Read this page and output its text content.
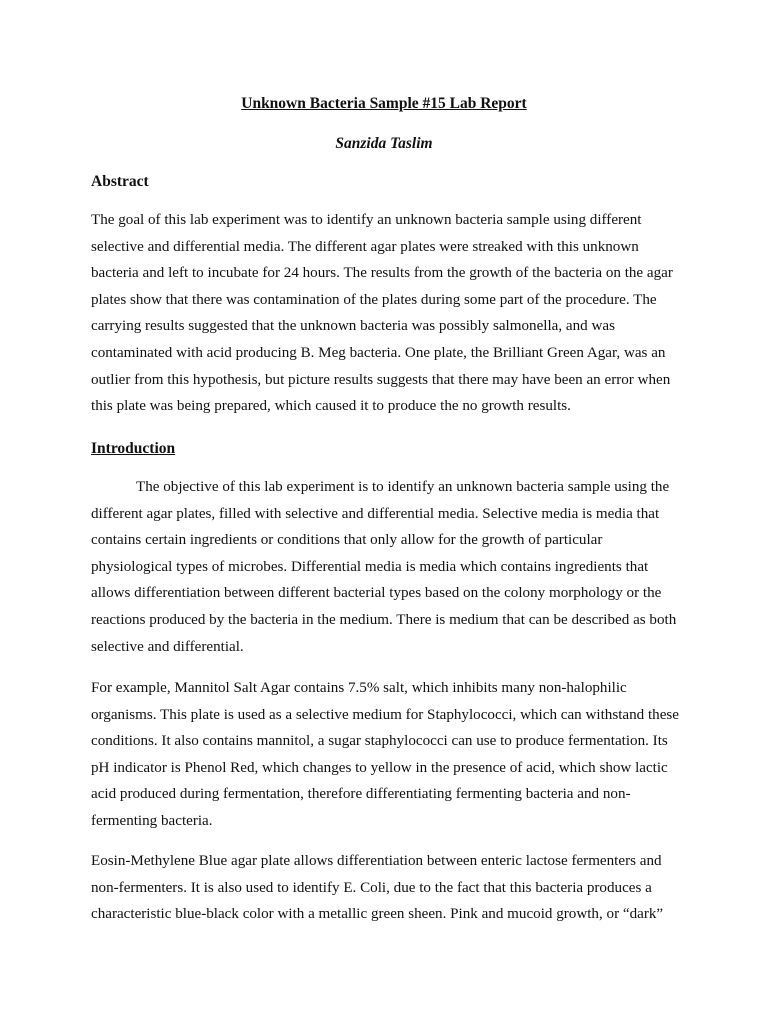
Unknown Bacteria Sample #15 Lab Report
Sanzida Taslim
Abstract

The goal of this lab experiment was to identify an unknown bacteria sample using different selective and differential media. The different agar plates were streaked with this unknown bacteria and left to incubate for 24 hours. The results from the growth of the bacteria on the agar plates show that there was contamination of the plates during some part of the procedure. The carrying results suggested that the unknown bacteria was possibly salmonella, and was contaminated with acid producing B. Meg bacteria. One plate, the Brilliant Green Agar, was an outlier from this hypothesis, but picture results suggests that there may have been an error when this plate was being prepared, which caused it to produce the no growth results.

Introduction

The objective of this lab experiment is to identify an unknown bacteria sample using the different agar plates, filled with selective and differential media. Selective media is media that contains certain ingredients or conditions that only allow for the growth of particular physiological types of microbes. Differential media is media which contains ingredients that allows differentiation between different bacterial types based on the colony morphology or the reactions produced by the bacteria in the medium. There is medium that can be described as both selective and differential.

For example, Mannitol Salt Agar contains 7.5% salt, which inhibits many non-halophilic organisms. This plate is used as a selective medium for Staphylococci, which can withstand these conditions. It also contains mannitol, a sugar staphylococci can use to produce fermentation. Its pH indicator is Phenol Red, which changes to yellow in the presence of acid, which show lactic acid produced during fermentation, therefore differentiating fermenting bacteria and non-fermenting bacteria.

Eosin-Methylene Blue agar plate allows differentiation between enteric lactose fermenters and non-fermenters. It is also used to identify E. Coli, due to the fact that this bacteria produces a characteristic blue-black color with a metallic green sheen. Pink and mucoid growth, or “dark”
